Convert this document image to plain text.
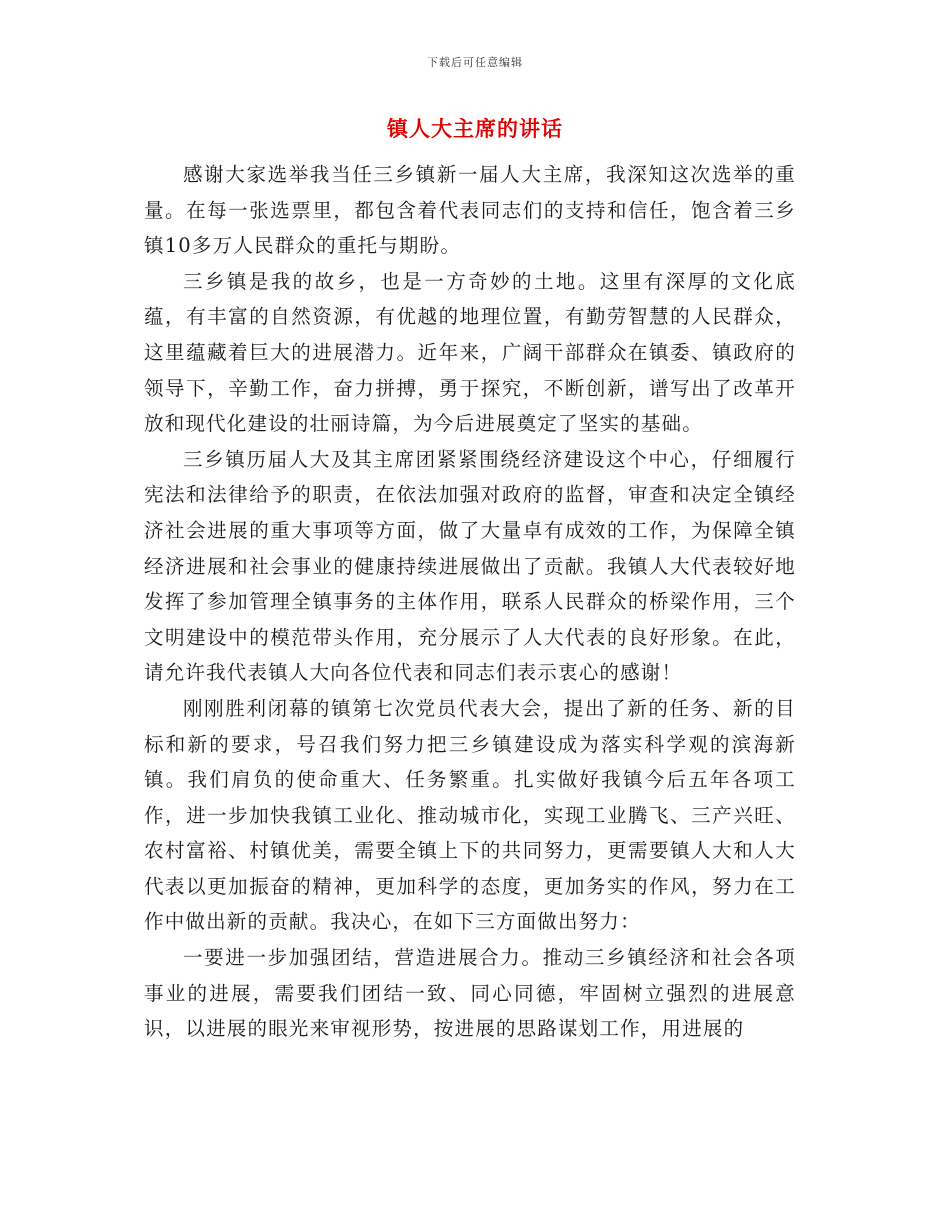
下载后可任意编辑
镇人大主席的讲话

感谢大家选举我当任三乡镇新一届人大主席，我深知这次选举的重量。在每一张选票里，都包含着代表同志们的支持和信任，饱含着三乡镇10多万人民群众的重托与期盼。

三乡镇是我的故乡，也是一方奇妙的土地。这里有深厚的文化底蕴，有丰富的自然资源，有优越的地理位置，有勤劳智慧的人民群众，这里蕴藏着巨大的进展潜力。近年来，广阔干部群众在镇委、镇政府的领导下，辛勤工作，奋力拼搏，勇于探究，不断创新，谱写出了改革开放和现代化建设的壮丽诗篇，为今后进展奠定了坚实的基础。

三乡镇历届人大及其主席团紧紧围绕经济建设这个中心，仔细履行宪法和法律给予的职责，在依法加强对政府的监督，审查和决定全镇经济社会进展的重大事项等方面，做了大量卓有成效的工作，为保障全镇经济进展和社会事业的健康持续进展做出了贡献。我镇人大代表较好地发挥了参加管理全镇事务的主体作用，联系人民群众的桥梁作用，三个文明建设中的模范带头作用，充分展示了人大代表的良好形象。在此，请允许我代表镇人大向各位代表和同志们表示衷心的感谢！

刚刚胜利闭幕的镇第七次党员代表大会，提出了新的任务、新的目标和新的要求，号召我们努力把三乡镇建设成为落实科学观的滨海新镇。我们肩负的使命重大、任务繁重。扎实做好我镇今后五年各项工作，进一步加快我镇工业化、推动城市化，实现工业腾飞、三产兴旺、农村富裕、村镇优美，需要全镇上下的共同努力，更需要镇人大和人大代表以更加振奋的精神，更加科学的态度，更加务实的作风，努力在工作中做出新的贡献。我决心，在如下三方面做出努力：

一要进一步加强团结，营造进展合力。推动三乡镇经济和社会各项事业的进展，需要我们团结一致、同心同德，牢固树立强烈的进展意识，以进展的眼光来审视形势，按进展的思路谋划工作，用进展的
